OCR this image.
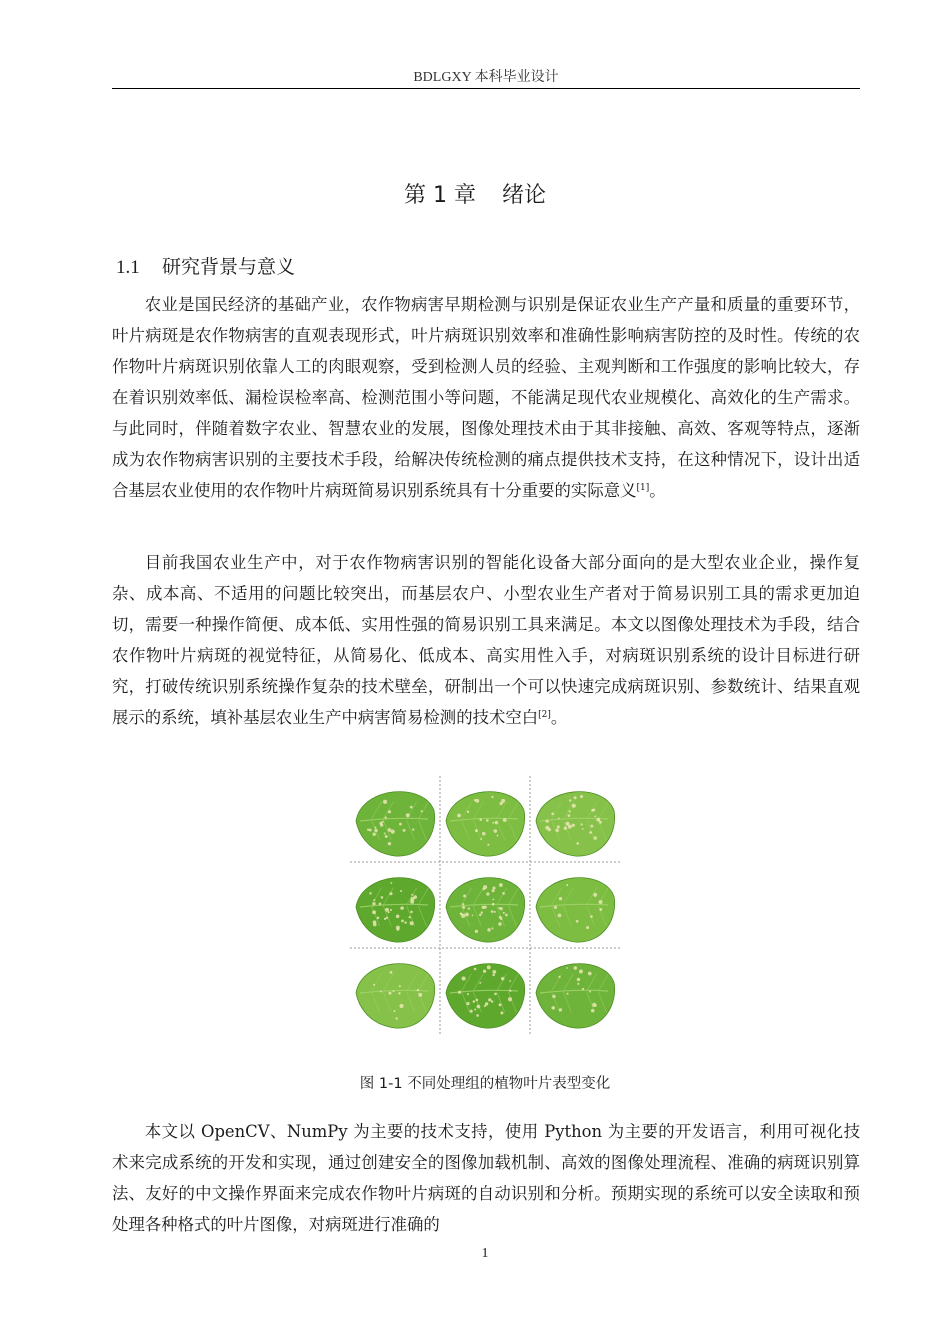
BDLGXY 本科毕业设计
第 1 章 绪论
1.1 研究背景与意义
农业是国民经济的基础产业，农作物病害早期检测与识别是保证农业生产产量和质量的重要环节，叶片病斑是农作物病害的直观表现形式，叶片病斑识别效率和准确性影响病害防控的及时性。传统的农作物叶片病斑识别依靠人工的肉眼观察，受到检测人员的经验、主观判断和工作强度的影响比较大，存在着识别效率低、漏检误检率高、检测范围小等问题，不能满足现代农业规模化、高效化的生产需求。与此同时，伴随着数字农业、智慧农业的发展，图像处理技术由于其非接触、高效、客观等特点，逐渐成为农作物病害识别的主要技术手段，给解决传统检测的痛点提供技术支持，在这种情况下，设计出适合基层农业使用的农作物叶片病斑简易识别系统具有十分重要的实际意义[1]。
目前我国农业生产中，对于农作物病害识别的智能化设备大部分面向的是大型农业企业，操作复杂、成本高、不适用的问题比较突出，而基层农户、小型农业生产者对于简易识别工具的需求更加迫切，需要一种操作简便、成本低、实用性强的简易识别工具来满足。本文以图像处理技术为手段，结合农作物叶片病斑的视觉特征，从简易化、低成本、高实用性入手，对病斑识别系统的设计目标进行研究，打破传统识别系统操作复杂的技术壁垒，研制出一个可以快速完成病斑识别、参数统计、结果直观展示的系统，填补基层农业生产中病害简易检测的技术空白[2]。
图 1-1 不同处理组的植物叶片表型变化
本文以 OpenCV、NumPy 为主要的技术支持，使用 Python 为主要的开发语言，利用可视化技术来完成系统的开发和实现，通过创建安全的图像加载机制、高效的图像处理流程、准确的病斑识别算法、友好的中文操作界面来完成农作物叶片病斑的自动识别和分析。预期实现的系统可以安全读取和预处理各种格式的叶片图像，对病斑进行准确的
1
